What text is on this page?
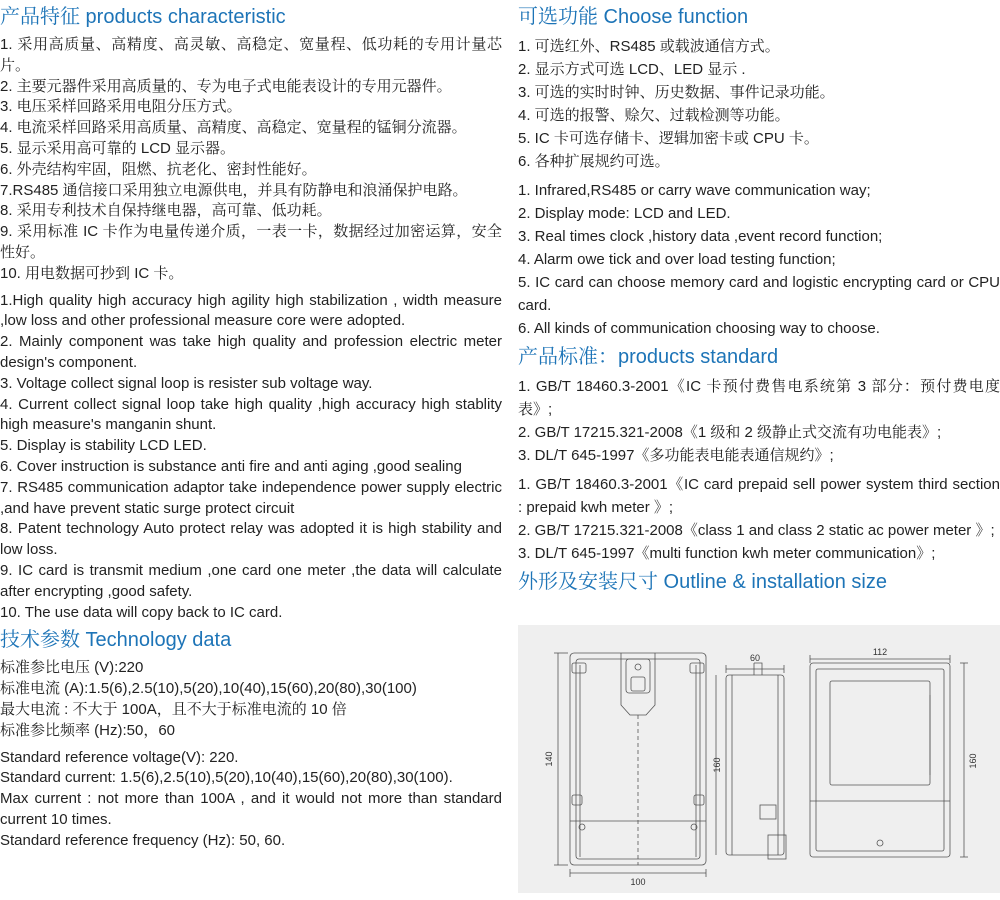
产品特征 products characteristic

1. 采用高质量、高精度、高灵敏、高稳定、宽量程、低功耗的专用计量芯片。

2. 主要元器件采用高质量的、专为电子式电能表设计的专用元器件。

3. 电压采样回路采用电阻分压方式。

4. 电流采样回路采用高质量、高精度、高稳定、宽量程的锰铜分流器。

5. 显示采用高可靠的 LCD 显示器。

6. 外壳结构牢固，阻燃、抗老化、密封性能好。

7.RS485 通信接口采用独立电源供电，并具有防静电和浪涌保护电路。

8. 采用专利技术自保持继电器，高可靠、低功耗。

9. 采用标准 IC 卡作为电量传递介质，一表一卡，数据经过加密运算，安全性好。

10. 用电数据可抄到 IC 卡。

1.High quality high accuracy high agility high stabilization , width measure ,low loss and other professional measure core were adopted.

2. Mainly component was take high quality and profession electric meter design's component.

3. Voltage collect signal loop is resister sub voltage way.

4. Current collect signal loop take high quality ,high accuracy high stablity high measure's manganin shunt.

5. Display is stability LCD LED.

6. Cover instruction is substance anti fire and anti aging ,good sealing

7. RS485 communication adaptor take independence power supply electric ,and have prevent static surge protect circuit

8. Patent technology Auto protect relay was adopted it is high stability and low loss.

9. IC card is transmit medium ,one card one meter ,the data will calculate after encrypting ,good safety.

10. The use data will copy back to IC card.

技术参数 Technology data

标准参比电压 (V):220

标准电流 (A):1.5(6),2.5(10),5(20),10(40),15(60),20(80),30(100)

最大电流 : 不大于 100A，且不大于标准电流的 10 倍

标准参比频率 (Hz):50，60

Standard reference voltage(V): 220.

Standard current: 1.5(6),2.5(10),5(20),10(40),15(60),20(80),30(100).

Max current : not more than 100A , and it would not more than standard current 10 times.

Standard reference frequency (Hz): 50, 60.

可选功能 Choose function

1. 可选红外、RS485 或载波通信方式。

2. 显示方式可选 LCD、LED 显示 .

3. 可选的实时时钟、历史数据、事件记录功能。

4. 可选的报警、赊欠、过载检测等功能。

5. IC 卡可选存储卡、逻辑加密卡或 CPU 卡。

6. 各种扩展规约可选。

1. Infrared,RS485 or carry wave communication way;

2. Display mode: LCD and LED.

3. Real times clock ,history data ,event record function;

4. Alarm owe tick and over load testing function;

5. IC card can choose memory card and logistic encrypting card or CPU card.

6. All kinds of communication choosing way to choose.

产品标准：products standard

1. GB/T 18460.3-2001《IC 卡预付费售电系统第 3 部分：预付费电度表》;

2. GB/T 17215.321-2008《1 级和 2 级静止式交流有功电能表》;

3. DL/T 645-1997《多功能表电能表通信规约》;

1. GB/T 18460.3-2001《IC card prepaid sell power system third section : prepaid kwh meter 》;

2. GB/T 17215.321-2008《class 1 and class 2 static ac power meter 》;

3. DL/T 645-1997《multi function kwh meter communication》;

外形及安装尺寸 Outline & installation size
100
140	160
60
112
160
